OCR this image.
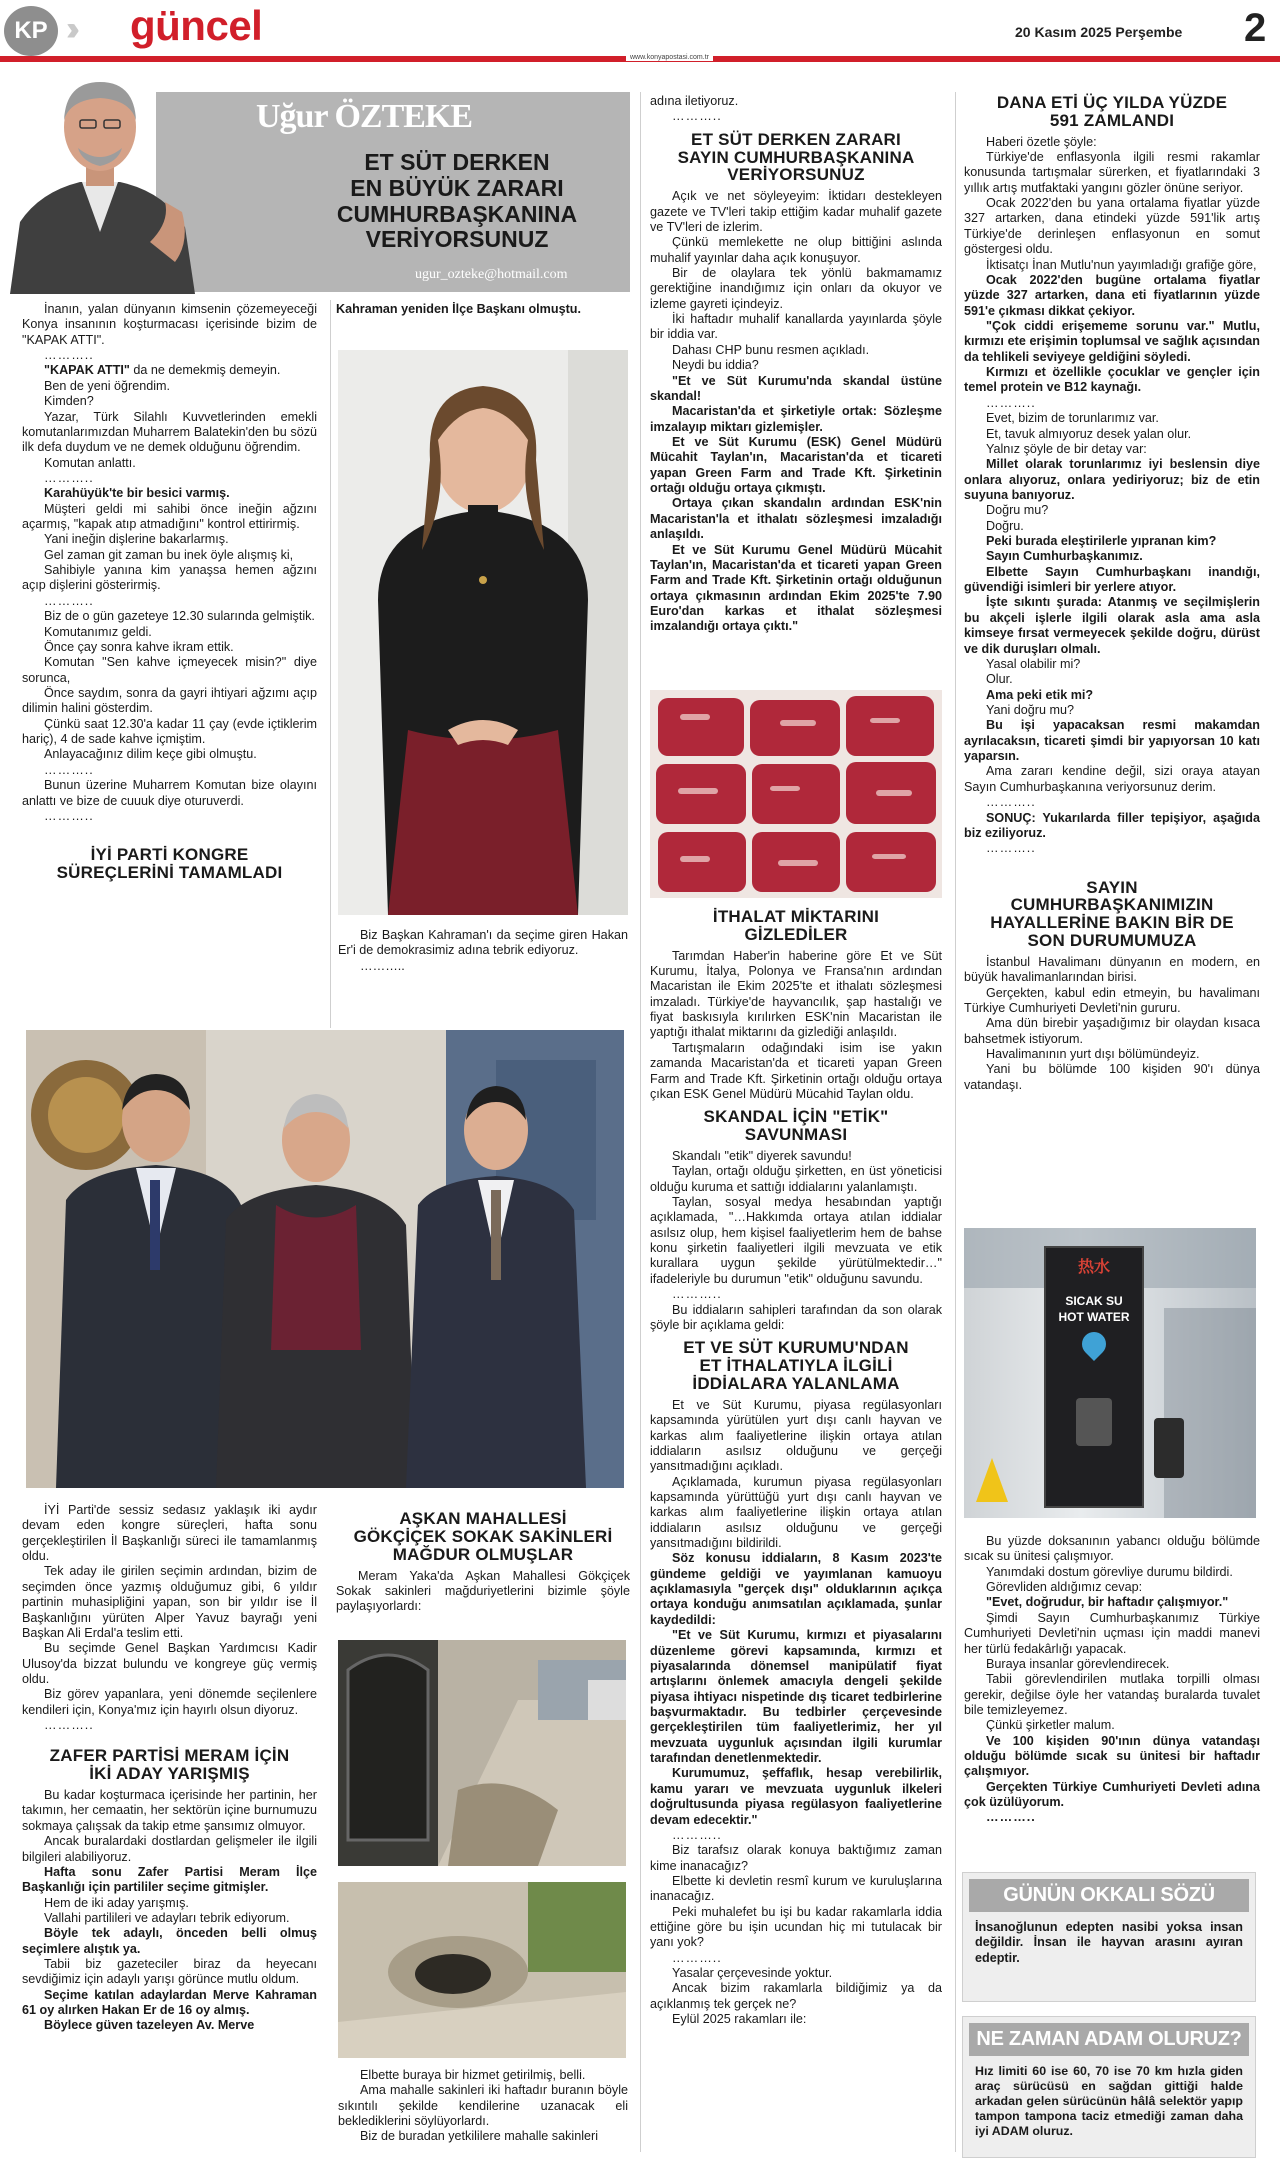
KP ››› güncel	20 Kasım 2025 Perşembe 2
www.konyapostasi.com.tr
Uğur ÖZTEKE
ET SÜT DERKEN
EN BÜYÜK ZARARI
CUMHURBAŞKANINA
VERİYORSUNUZ
ugur_ozteke@hotmail.com

İnanın, yalan dünyanın kimsenin çözemeyeceği Konya insanının koşturmacası içerisinde bizim de "KAPAK ATTI".

………..

"KAPAK ATTI" da ne demekmiş demeyin.

Ben de yeni öğrendim.

Kimden?

Yazar, Türk Silahlı Kuvvetlerinden emekli komutanlarımızdan Muharrem Balatekin'den bu sözü ilk defa duydum ve ne demek olduğunu öğrendim.

Komutan anlattı.

………..

Karahüyük'te bir besici varmış.

Müşteri geldi mi sahibi önce ineğin ağzını açarmış, "kapak atıp atmadığını" kontrol ettirirmiş.

Yani ineğin dişlerine bakarlarmış.

Gel zaman git zaman bu inek öyle alışmış ki,

Sahibiyle yanına kim yanaşsa hemen ağzını açıp dişlerini gösterirmiş.

………..

Biz de o gün gazeteye 12.30 sularında gelmiştik.

Komutanımız geldi.

Önce çay sonra kahve ikram ettik.

Komutan "Sen kahve içmeyecek misin?" diye sorunca,

Önce saydım, sonra da gayri ihtiyari ağzımı açıp dilimin halini gösterdim.

Çünkü saat 12.30'a kadar 11 çay (evde içtiklerim hariç), 4 de sade kahve içmiştim.

Anlayacağınız dilim keçe gibi olmuştu.

………..

Bunun üzerine Muharrem Komutan bize olayını anlattı ve bize de cuuuk diye oturuverdi.

………..

İYİ PARTİ KONGRE
SÜREÇLERİNİ TAMAMLADI

Kahraman yeniden İlçe Başkanı olmuştu.

Biz Başkan Kahraman'ı da seçime giren Hakan Er'i de demokrasimiz adına tebrik ediyoruz.

………..

İYİ Parti'de sessiz sedasız yaklaşık iki aydır devam eden kongre süreçleri, hafta sonu gerçekleştirilen İl Başkanlığı süreci ile tamamlanmış oldu.

Tek aday ile girilen seçimin ardından, bizim de seçimden önce yazmış olduğumuz gibi, 6 yıldır partinin muhasipliğini yapan, son bir yıldır ise İl Başkanlığını yürüten Alper Yavuz bayrağı yeni Başkan Ali Erdal'a teslim etti.

Bu seçimde Genel Başkan Yardımcısı Kadir Ulusoy'da bizzat bulundu ve kongreye güç vermiş oldu.

Biz görev yapanlara, yeni dönemde seçilenlere kendileri için, Konya'mız için hayırlı olsun diyoruz.

………..

ZAFER PARTİSİ MERAM İÇİN
İKİ ADAY YARIŞMIŞ

Bu kadar koşturmaca içerisinde her partinin, her takımın, her cemaatin, her sektörün içine burnumuzu sokmaya çalışsak da takip etme şansımız olmuyor.

Ancak buralardaki dostlardan gelişmeler ile ilgili bilgileri alabiliyoruz.

Hafta sonu Zafer Partisi Meram İlçe Başkanlığı için partililer seçime gitmişler.

Hem de iki aday yarışmış.

Vallahi partilileri ve adayları tebrik ediyorum.

Böyle tek adaylı, önceden belli olmuş seçimlere alıştık ya.

Tabii biz gazeteciler biraz da heyecanı sevdiğimiz için adaylı yarışı görünce mutlu oldum.

Seçime katılan adaylardan Merve Kahraman 61 oy alırken Hakan Er de 16 oy almış.

Böylece güven tazeleyen Av. Merve

AŞKAN MAHALLESİ
GÖKÇİÇEK SOKAK SAKİNLERİ
MAĞDUR OLMUŞLAR

Meram Yaka'da Aşkan Mahallesi Gökçiçek Sokak sakinleri mağduriyetlerini bizimle şöyle paylaşıyorlardı:

Elbette buraya bir hizmet getirilmiş, belli.

Ama mahalle sakinleri iki haftadır buranın böyle sıkıntılı şekilde kendilerine uzanacak eli beklediklerini söylüyorlardı.

Biz de buradan yetkililere mahalle sakinleri

adına iletiyoruz.

………..

ET SÜT DERKEN ZARARI
SAYIN CUMHURBAŞKANINA
VERİYORSUNUZ

Açık ve net söyleyeyim: İktidarı destekleyen gazete ve TV'leri takip ettiğim kadar muhalif gazete ve TV'leri de izlerim.

Çünkü memlekette ne olup bittiğini aslında muhalif yayınlar daha açık konuşuyor.

Bir de olaylara tek yönlü bakmamamız gerektiğine inandığımız için onları da okuyor ve izleme gayreti içindeyiz.

İki haftadır muhalif kanallarda yayınlarda şöyle bir iddia var.

Dahası CHP bunu resmen açıkladı.

Neydi bu iddia?

"Et ve Süt Kurumu'nda skandal üstüne skandal!

Macaristan'da et şirketiyle ortak: Sözleşme imzalayıp miktarı gizlemişler.

Et ve Süt Kurumu (ESK) Genel Müdürü Mücahit Taylan'ın, Macaristan'da et ticareti yapan Green Farm and Trade Kft. Şirketinin ortağı olduğu ortaya çıkmıştı.

Ortaya çıkan skandalın ardından ESK'nin Macaristan'la et ithalatı sözleşmesi imzaladığı anlaşıldı.

Et ve Süt Kurumu Genel Müdürü Mücahit Taylan'ın, Macaristan'da et ticareti yapan Green Farm and Trade Kft. Şirketinin ortağı olduğunun ortaya çıkmasının ardından Ekim 2025'te 7.90 Euro'dan karkas et ithalat sözleşmesi imzalandığı ortaya çıktı."

İTHALAT MİKTARINI
GİZLEDİLER

Tarımdan Haber'in haberine göre Et ve Süt Kurumu, İtalya, Polonya ve Fransa'nın ardından Macaristan ile Ekim 2025'te et ithalatı sözleşmesi imzaladı. Türkiye'de hayvancılık, şap hastalığı ve fiyat baskısıyla kırılırken ESK'nin Macaristan ile yaptığı ithalat miktarını da gizlediği anlaşıldı.

Tartışmaların odağındaki isim ise yakın zamanda Macaristan'da et ticareti yapan Green Farm and Trade Kft. Şirketinin ortağı olduğu ortaya çıkan ESK Genel Müdürü Mücahid Taylan oldu.

SKANDAL İÇİN "ETİK"
SAVUNMASI

Skandalı "etik" diyerek savundu!

Taylan, ortağı olduğu şirketten, en üst yöneticisi olduğu kuruma et sattığı iddialarını yalanlamıştı.

Taylan, sosyal medya hesabından yaptığı açıklamada, "…Hakkımda ortaya atılan iddialar asılsız olup, hem kişisel faaliyetlerim hem de bahse konu şirketin faaliyetleri ilgili mevzuata ve etik kurallara uygun şekilde yürütülmektedir…" ifadeleriyle bu durumun "etik" olduğunu savundu.

………..

Bu iddiaların sahipleri tarafından da son olarak şöyle bir açıklama geldi:

ET VE SÜT KURUMU'NDAN
ET İTHALATIYLA İLGİLİ
İDDİALARA YALANLAMA

Et ve Süt Kurumu, piyasa regülasyonları kapsamında yürütülen yurt dışı canlı hayvan ve karkas alım faaliyetlerine ilişkin ortaya atılan iddiaların asılsız olduğunu ve gerçeği yansıtmadığını açıkladı.

Açıklamada, kurumun piyasa regülasyonları kapsamında yürüttüğü yurt dışı canlı hayvan ve karkas alım faaliyetlerine ilişkin ortaya atılan iddiaların asılsız olduğunu ve gerçeği yansıtmadığını bildirildi.

Söz konusu iddiaların, 8 Kasım 2023'te gündeme geldiği ve yayımlanan kamuoyu açıklamasıyla "gerçek dışı" olduklarının açıkça ortaya konduğu anımsatılan açıklamada, şunlar kaydedildi:

"Et ve Süt Kurumu, kırmızı et piyasalarını düzenleme görevi kapsamında, kırmızı et piyasalarında dönemsel manipülatif fiyat artışlarını önlemek amacıyla dengeli şekilde piyasa ihtiyacı nispetinde dış ticaret tedbirlerine başvurmaktadır. Bu tedbirler çerçevesinde gerçekleştirilen tüm faaliyetlerimiz, her yıl mevzuata uygunluk açısından ilgili kurumlar tarafından denetlenmektedir.

Kurumumuz, şeffaflık, hesap verebilirlik, kamu yararı ve mevzuata uygunluk ilkeleri doğrultusunda piyasa regülasyon faaliyetlerine devam edecektir."

………..

Biz tarafsız olarak konuya baktığımız zaman kime inanacağız?

Elbette ki devletin resmî kurum ve kuruluşlarına inanacağız.

Peki muhalefet bu işi bu kadar rakamlarla iddia ettiğine göre bu işin ucundan hiç mi tutulacak bir yanı yok?

………..

Yasalar çerçevesinde yoktur.

Ancak bizim rakamlarla bildiğimiz ya da açıklanmış tek gerçek ne?

Eylül 2025 rakamları ile:

DANA ETİ ÜÇ YILDA YÜZDE
591 ZAMLANDI

Haberi özetle şöyle:

Türkiye'de enflasyonla ilgili resmi rakamlar konusunda tartışmalar sürerken, et fiyatlarındaki 3 yıllık artış mutfaktaki yangını gözler önüne seriyor.

Ocak 2022'den bu yana ortalama fiyatlar yüzde 327 artarken, dana etindeki yüzde 591'lik artış Türkiye'de derinleşen enflasyonun en somut göstergesi oldu.

İktisatçı İnan Mutlu'nun yayımladığı grafiğe göre,

Ocak 2022'den bugüne ortalama fiyatlar yüzde 327 artarken, dana eti fiyatlarının yüzde 591'e çıkması dikkat çekiyor.

"Çok ciddi erişememe sorunu var." Mutlu, kırmızı ete erişimin toplumsal ve sağlık açısından da tehlikeli seviyeye geldiğini söyledi.

Kırmızı et özellikle çocuklar ve gençler için temel protein ve B12 kaynağı.

………..

Evet, bizim de torunlarımız var.

Et, tavuk almıyoruz desek yalan olur.

Yalnız şöyle de bir detay var:

Millet olarak torunlarımız iyi beslensin diye onlara alıyoruz, onlara yediriyoruz; biz de etin suyuna banıyoruz.

Doğru mu?

Doğru.

Peki burada eleştirilerle yıpranan kim?

Sayın Cumhurbaşkanımız.

Elbette Sayın Cumhurbaşkanı inandığı, güvendiği isimleri bir yerlere atıyor.

İşte sıkıntı şurada: Atanmış ve seçilmişlerin bu akçeli işlerle ilgili olarak asla ama asla kimseye fırsat vermeyecek şekilde doğru, dürüst ve dik duruşları olmalı.

Yasal olabilir mi?

Olur.

Ama peki etik mi?

Yani doğru mu?

Bu işi yapacaksan resmi makamdan ayrılacaksın, ticareti şimdi bir yapıyorsan 10 katı yaparsın.

Ama zararı kendine değil, sizi oraya atayan Sayın Cumhurbaşkanına veriyorsunuz derim.

………..

SONUÇ: Yukarılarda filler tepişiyor, aşağıda biz eziliyoruz.

………..

SAYIN
CUMHURBAŞKANIMIZIN
HAYALLERİNE BAKIN BİR DE
SON DURUMUMUZA

İstanbul Havalimanı dünyanın en modern, en büyük havalimanlarından birisi.

Gerçekten, kabul edin etmeyin, bu havalimanı Türkiye Cumhuriyeti Devleti'nin gururu.

Ama dün birebir yaşadığımız bir olaydan kısaca bahsetmek istiyorum.

Havalimanının yurt dışı bölümündeyiz.

Yani bu bölümde 100 kişiden 90'ı dünya vatandaşı.

热水
SICAK SU
HOT WATER

Bu yüzde doksanının yabancı olduğu bölümde sıcak su ünitesi çalışmıyor.

Yanımdaki dostum görevliye durumu bildirdi.

Görevliden aldığımız cevap:

"Evet, doğrudur, bir haftadır çalışmıyor."

Şimdi Sayın Cumhurbaşkanımız Türkiye Cumhuriyeti Devleti'nin uçması için maddi manevi her türlü fedakârlığı yapacak.

Buraya insanlar görevlendirecek.

Tabii görevlendirilen mutlaka torpilli olması gerekir, değilse öyle her vatandaş buralarda tuvalet bile temizleyemez.

Çünkü şirketler malum.

Ve 100 kişiden 90'ının dünya vatandaşı olduğu bölümde sıcak su ünitesi bir haftadır çalışmıyor.

Gerçekten Türkiye Cumhuriyeti Devleti adına çok üzülüyorum.

………..

GÜNÜN OKKALI SÖZÜ
İnsanoğlunun edepten nasibi yoksa insan değildir. İnsan ile hayvan arasını ayıran edeptir.
NE ZAMAN ADAM OLURUZ?
Hız limiti 60 ise 60, 70 ise 70 km hızla giden araç sürücüsü en sağdan gittiği halde arkadan gelen sürücünün hâlâ selektör yapıp tampon tampona taciz etmediği zaman daha iyi ADAM oluruz.
